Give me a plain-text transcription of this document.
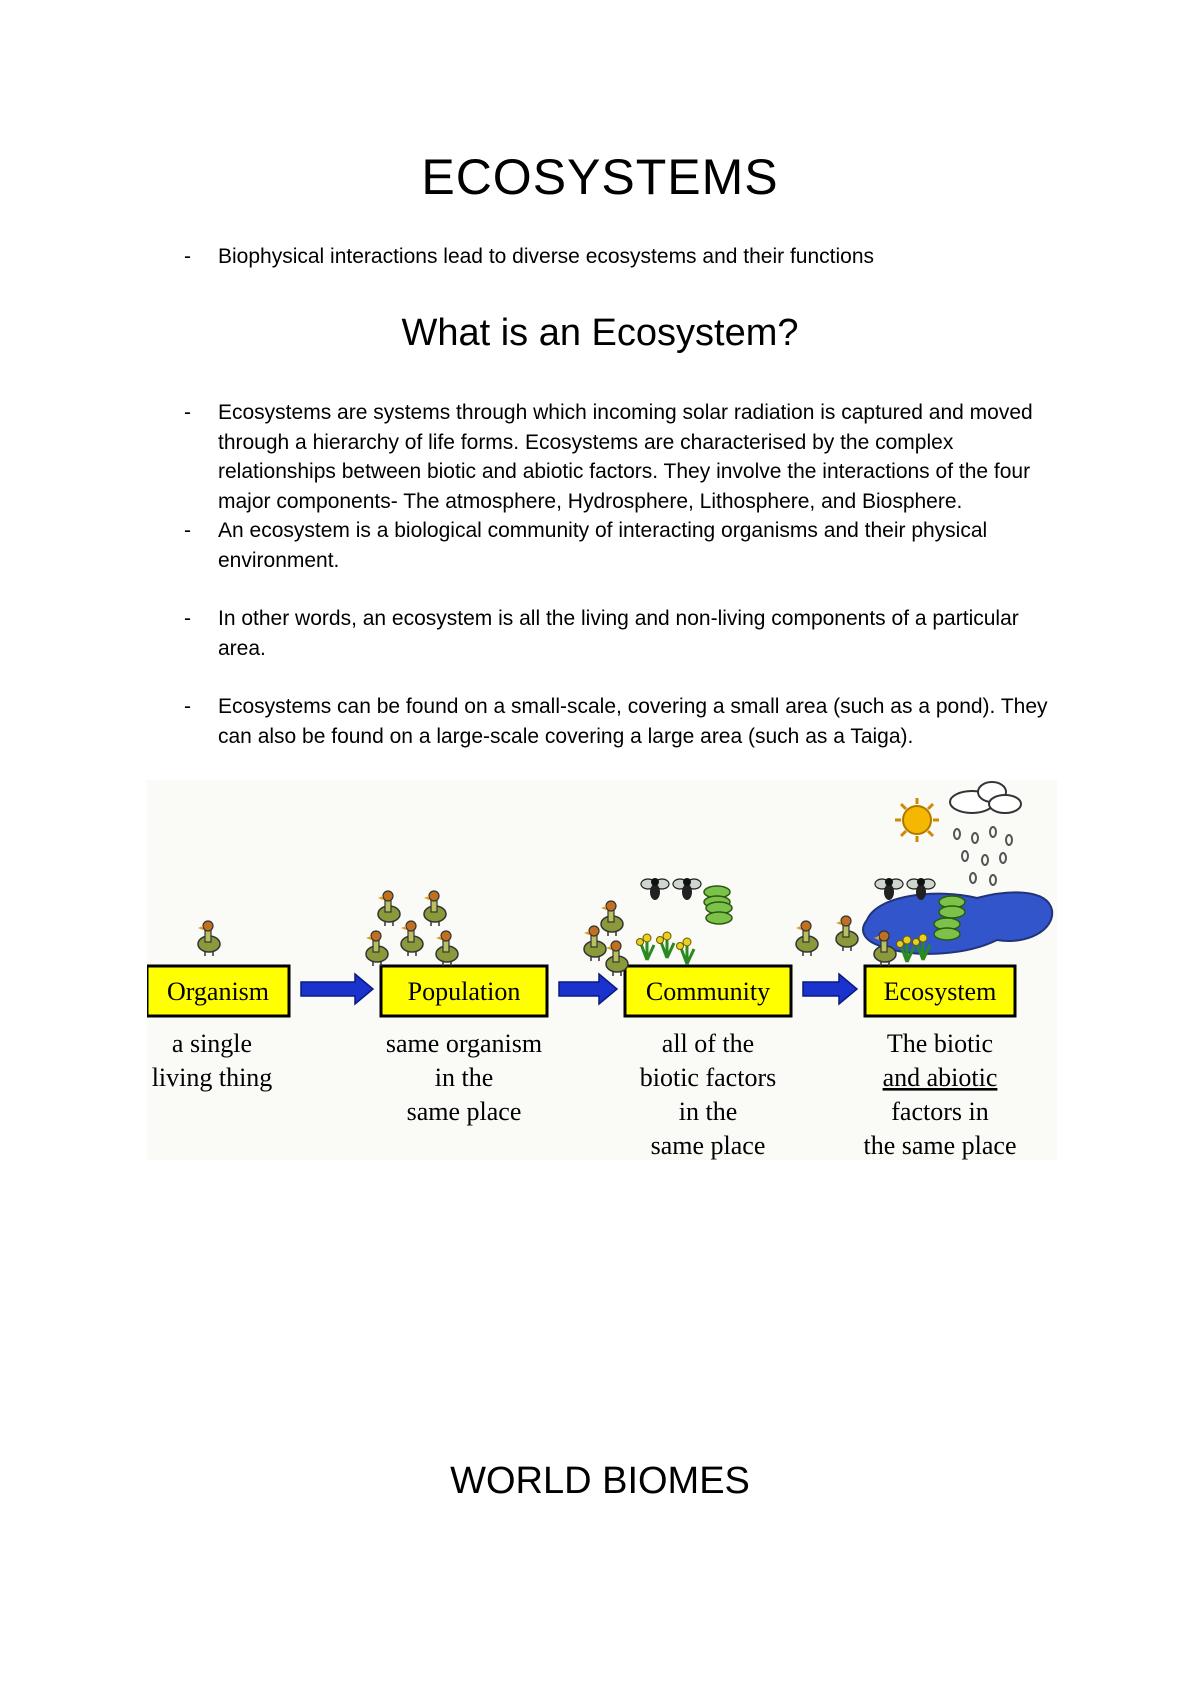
ECOSYSTEMS
- Biophysical interactions lead to diverse ecosystems and their functions
What is an Ecosystem?
- Ecosystems are systems through which incoming solar radiation is captured and moved through a hierarchy of life forms. Ecosystems are characterised by the complex relationships between biotic and abiotic factors. They involve the interactions of the four major components- The atmosphere, Hydrosphere, Lithosphere, and Biosphere.
- An ecosystem is a biological community of interacting organisms and their physical environment.
- In other words, an ecosystem is all the living and non-living components of a particular area.
- Ecosystems can be found on a small-scale, covering a small area (such as a pond). They can also be found on a large-scale covering a large area (such as a Taiga).
Organism
a single
living thing
Population
same organism
in the
same place
Community
all of the
biotic factors
in the
same place
Ecosystem
The biotic
and abiotic
factors in
the same place
WORLD BIOMES
